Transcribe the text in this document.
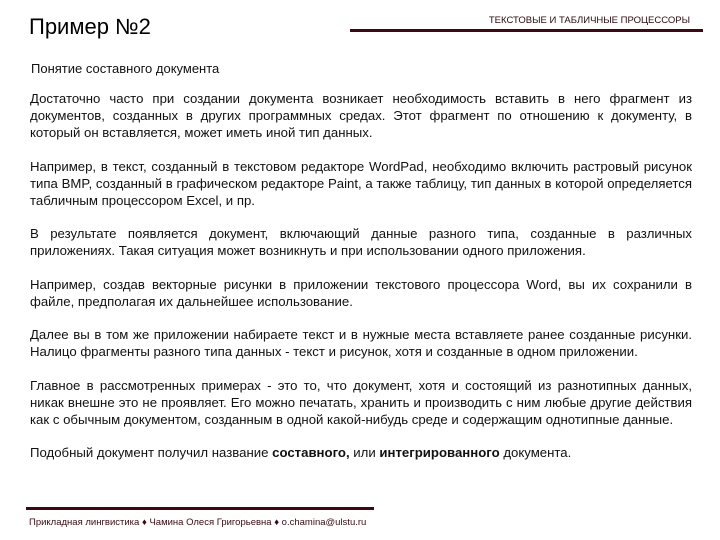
Пример №2	ТЕКСТОВЫЕ И ТАБЛИЧНЫЕ ПРОЦЕССОРЫ
Понятие составного документа

Достаточно часто при создании документа возникает необходимость вставить в него фрагмент из документов, созданных в других программных средах. Этот фрагмент по отношению к документу, в который он вставляется, может иметь иной тип данных.

Например, в текст, созданный в текстовом редакторе WordPad, необходимо включить растровый рисунок типа BMP, созданный в графическом редакторе Paint, а также таблицу, тип данных в которой определяется табличным процессором Excel, и пр.

В результате появляется документ, включающий данные разного типа, созданные в различных приложениях. Такая ситуация может возникнуть и при использовании одного приложения.

Например, создав векторные рисунки в приложении текстового процессора Word, вы их сохранили в файле, предполагая их дальнейшее использование.

Далее вы в том же приложении набираете текст и в нужные места вставляете ранее созданные рисунки. Налицо фрагменты разного типа данных - текст и рисунок, хотя и созданные в одном приложении.

Главное в рассмотренных примерах - это то, что документ, хотя и состоящий из разнотипных данных, никак внешне это не проявляет. Его можно печатать, хранить и производить с ним любые другие действия как с обычным документом, созданным в одной какой-нибудь среде и содержащим однотипные данные.

Подобный документ получил название составного, или интегрированного документа.

Прикладная лингвистика ♦ Чамина Олеся Григорьевна ♦ o.chamina@ulstu.ru
